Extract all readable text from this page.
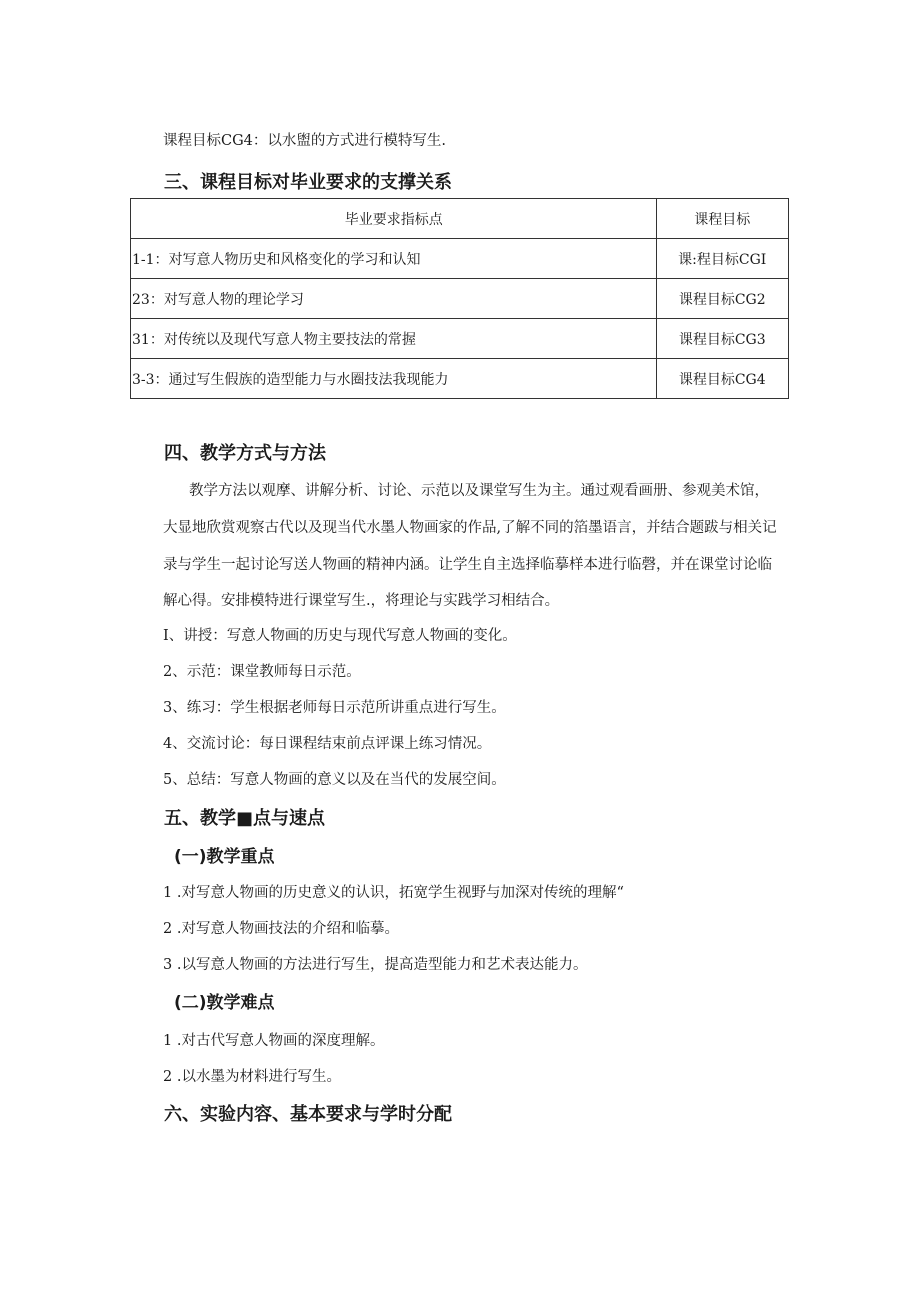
课程目标CG4：以水盥的方式进行模特写生.
三、课程目标对毕业要求的支撑关系
毕业要求指标点	课程目标
1-1：对写意人物历史和风格变化的学习和认知	课:程目标CGI
23：对写意人物的理论学习	课程目标CG2
31：对传统以及现代写意人物主要技法的常握	课程目标CG3
3-3：通过写生假族的造型能力与水圈技法我现能力	课程目标CG4
四、教学方式与方法
教学方法以观摩、讲解分析、讨论、示范以及课堂写生为主。通过观看画册、参观美术馆，
大显地欣赏观察古代以及现当代水墨人物画家的作品,了解不同的箔墨语言，并结合题跋与相关记
录与学生一起讨论写送人物画的精神内涵。让学生自主选择临摹样本进行临磬，并在课堂讨论临
解心得。安排模特进行课堂写生.，将理论与实践学习相结合。
I、讲授：写意人物画的历史与现代写意人物画的变化。
2、示范：课堂教师每日示范。
3、练习：学生根据老师每日示范所讲重点进行写生。
4、交流讨论：每日课程结束前点评课上练习情况。
5、总结：写意人物画的意义以及在当代的发展空间。
五、教学■点与速点
(一)教学重点
1 .对写意人物画的历史意义的认识，拓宽学生视野与加深对传统的理解“
2 .对写意人物画技法的介绍和临摹。
3 .以写意人物画的方法进行写生，提高造型能力和艺术表达能力。
(二)敦学难点
1 .对古代写意人物画的深度理解。
2 .以水墨为材料进行写生。
六、实验内容、基本要求与学时分配
